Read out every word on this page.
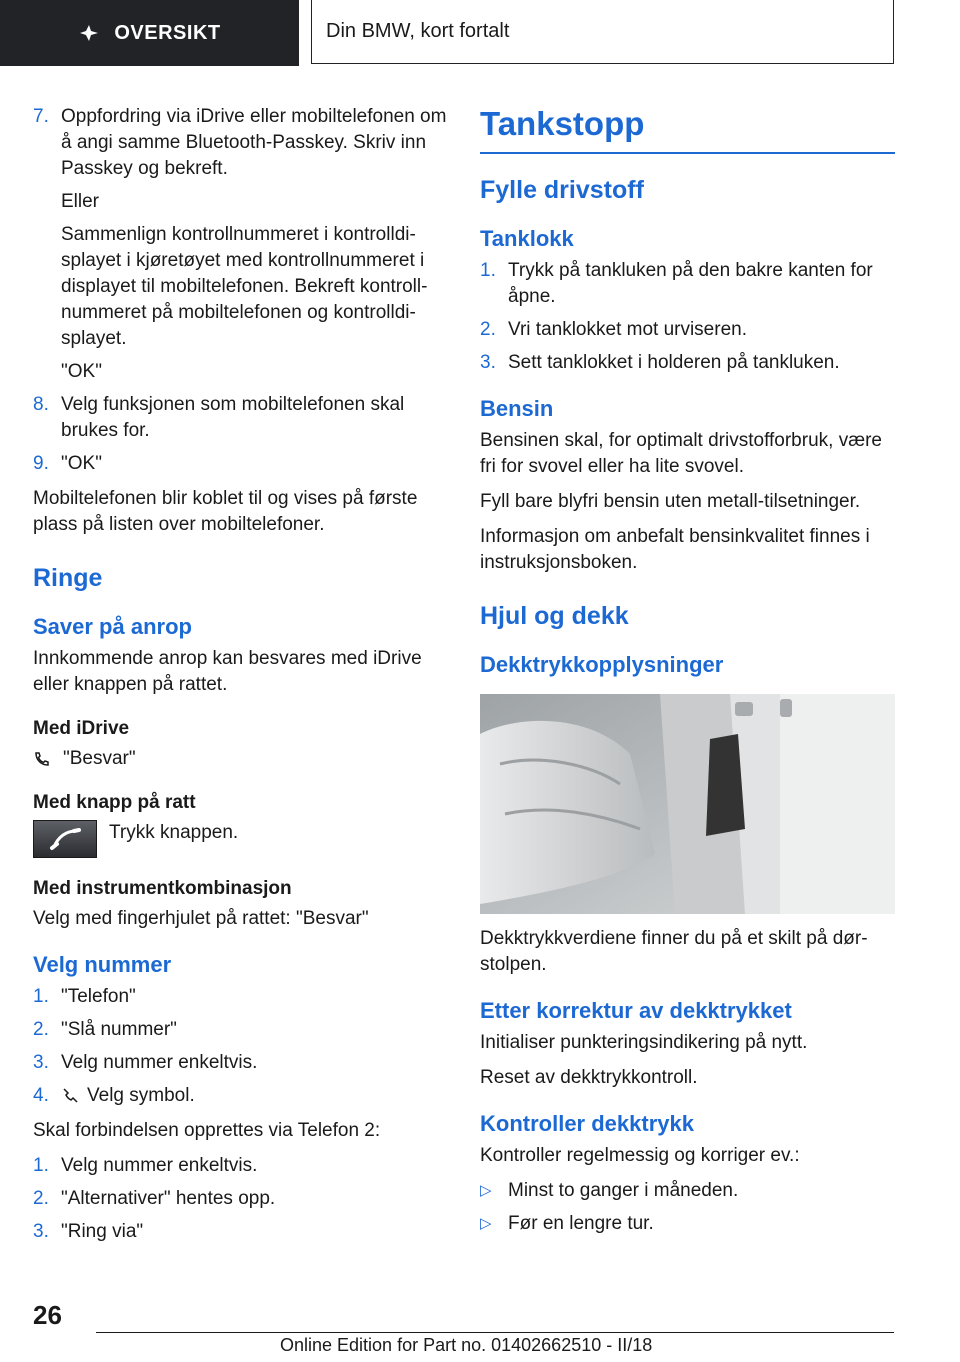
OVERSIKT	Din BMW, kort fortalt
7. Oppfordring via iDrive eller mobiltelefonen om å angi samme Bluetooth-Passkey. Skriv inn Passkey og bekreft.

Eller

Sammenlign kontrollnummeret i kontrolldisplayet i kjøretøyet med kontrollnummeret i displayet til mobiltelefonen. Bekreft kontrollnummeret på mobiltelefonen og kontrolldisplayet.

"OK"

8. Velg funksjonen som mobiltelefonen skal brukes for.

9. "OK"

Mobiltelefonen blir koblet til og vises på første plass på listen over mobiltelefoner.

Ringe
Saver på anrop

Innkommende anrop kan besvares med iDrive eller knappen på rattet.

Med iDrive
"Besvar"
Med knapp på ratt
Trykk knappen.
Med instrumentkombinasjon

Velg med fingerhjulet på rattet: "Besvar"

Velg nummer
1. "Telefon"
2. "Slå nummer"
3. Velg nummer enkeltvis.
4. Velg symbol.

Skal forbindelsen opprettes via Telefon 2:

1. Velg nummer enkeltvis.
2. "Alternativer" hentes opp.
3. "Ring via"
Tankstopp
Fylle drivstoff
Tanklokk
1. Trykk på tankluken på den bakre kanten for åpne.
2. Vri tanklokket mot urviseren.
3. Sett tanklokket i holderen på tankluken.
Bensin

Bensinen skal, for optimalt drivstofforbruk, være fri for svovel eller ha lite svovel.

Fyll bare blyfri bensin uten metall-tilsetninger.

Informasjon om anbefalt bensinkvalitet finnes i instruksjonsboken.

Hjul og dekk
Dekktrykkopplysninger

Dekktrykkverdiene finner du på et skilt på dørstolpen.

Etter korrektur av dekktrykket

Initialiser punkteringsindikering på nytt.

Reset av dekktrykkontroll.

Kontroller dekktrykk

Kontroller regelmessig og korriger ev.:

▷ Minst to ganger i måneden.
▷ Før en lengre tur.
26
Online Edition for Part no. 01402662510 - II/18
